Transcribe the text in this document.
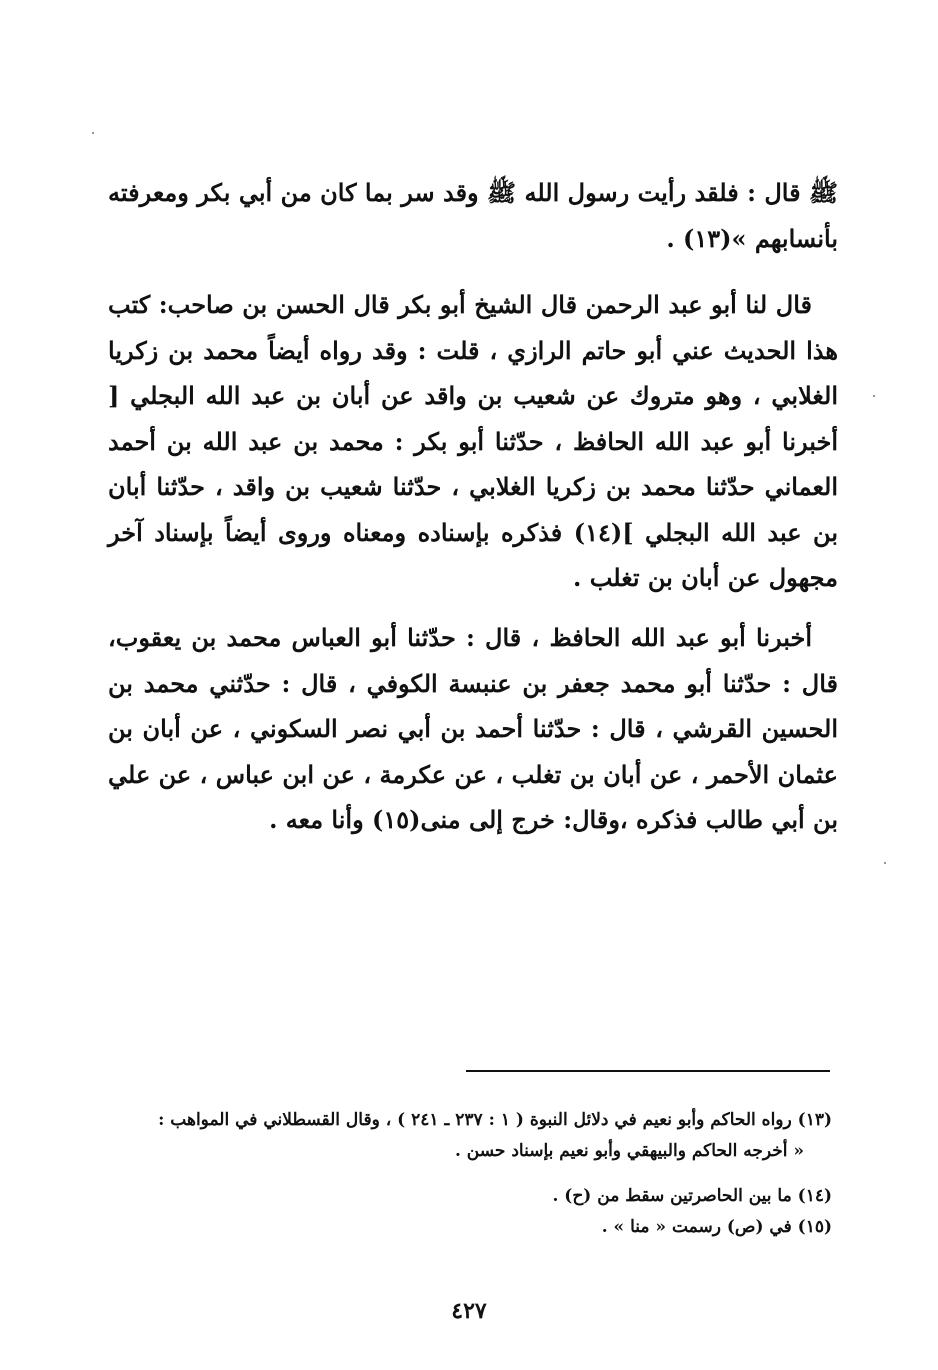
ﷺ قال : فلقد رأيت رسول الله ﷺ وقد سر بما كان من أبي بكر ومعرفته بأنسابهم »(١٣) .

قال لنا أبو عبد الرحمن قال الشيخ أبو بكر قال الحسن بن صاحب: كتب هذا الحديث عني أبو حاتم الرازي ، قلت : وقد رواه أيضاً محمد بن زكريا الغلابي ، وهو متروك عن شعيب بن واقد عن أبان بن عبد الله البجلي [ أخبرنا أبو عبد الله الحافظ ، حدّثنا أبو بكر : محمد بن عبد الله بن أحمد العماني حدّثنا محمد بن زكريا الغلابي ، حدّثنا شعيب بن واقد ، حدّثنا أبان بن عبد الله البجلي ](١٤) فذكره بإسناده ومعناه وروى أيضاً بإسناد آخر مجهول عن أبان بن تغلب .

أخبرنا أبو عبد الله الحافظ ، قال : حدّثنا أبو العباس محمد بن يعقوب، قال : حدّثنا أبو محمد جعفر بن عنبسة الكوفي ، قال : حدّثني محمد بن الحسين القرشي ، قال : حدّثنا أحمد بن أبي نصر السكوني ، عن أبان بن عثمان الأحمر ، عن أبان بن تغلب ، عن عكرمة ، عن ابن عباس ، عن علي بن أبي طالب فذكره ،وقال: خرج إلى منى(١٥) وأنا معه .

(١٣) رواه الحاكم وأبو نعيم في دلائل النبوة ( ١ : ٢٣٧ ـ ٢٤١ ) ، وقال القسطلاني في المواهب :

« أخرجه الحاكم والبيهقي وأبو نعيم بإسناد حسن .

(١٤) ما بين الحاصرتين سقط من (ح) .

(١٥) في (ص) رسمت « منا » .

٤٢٧
